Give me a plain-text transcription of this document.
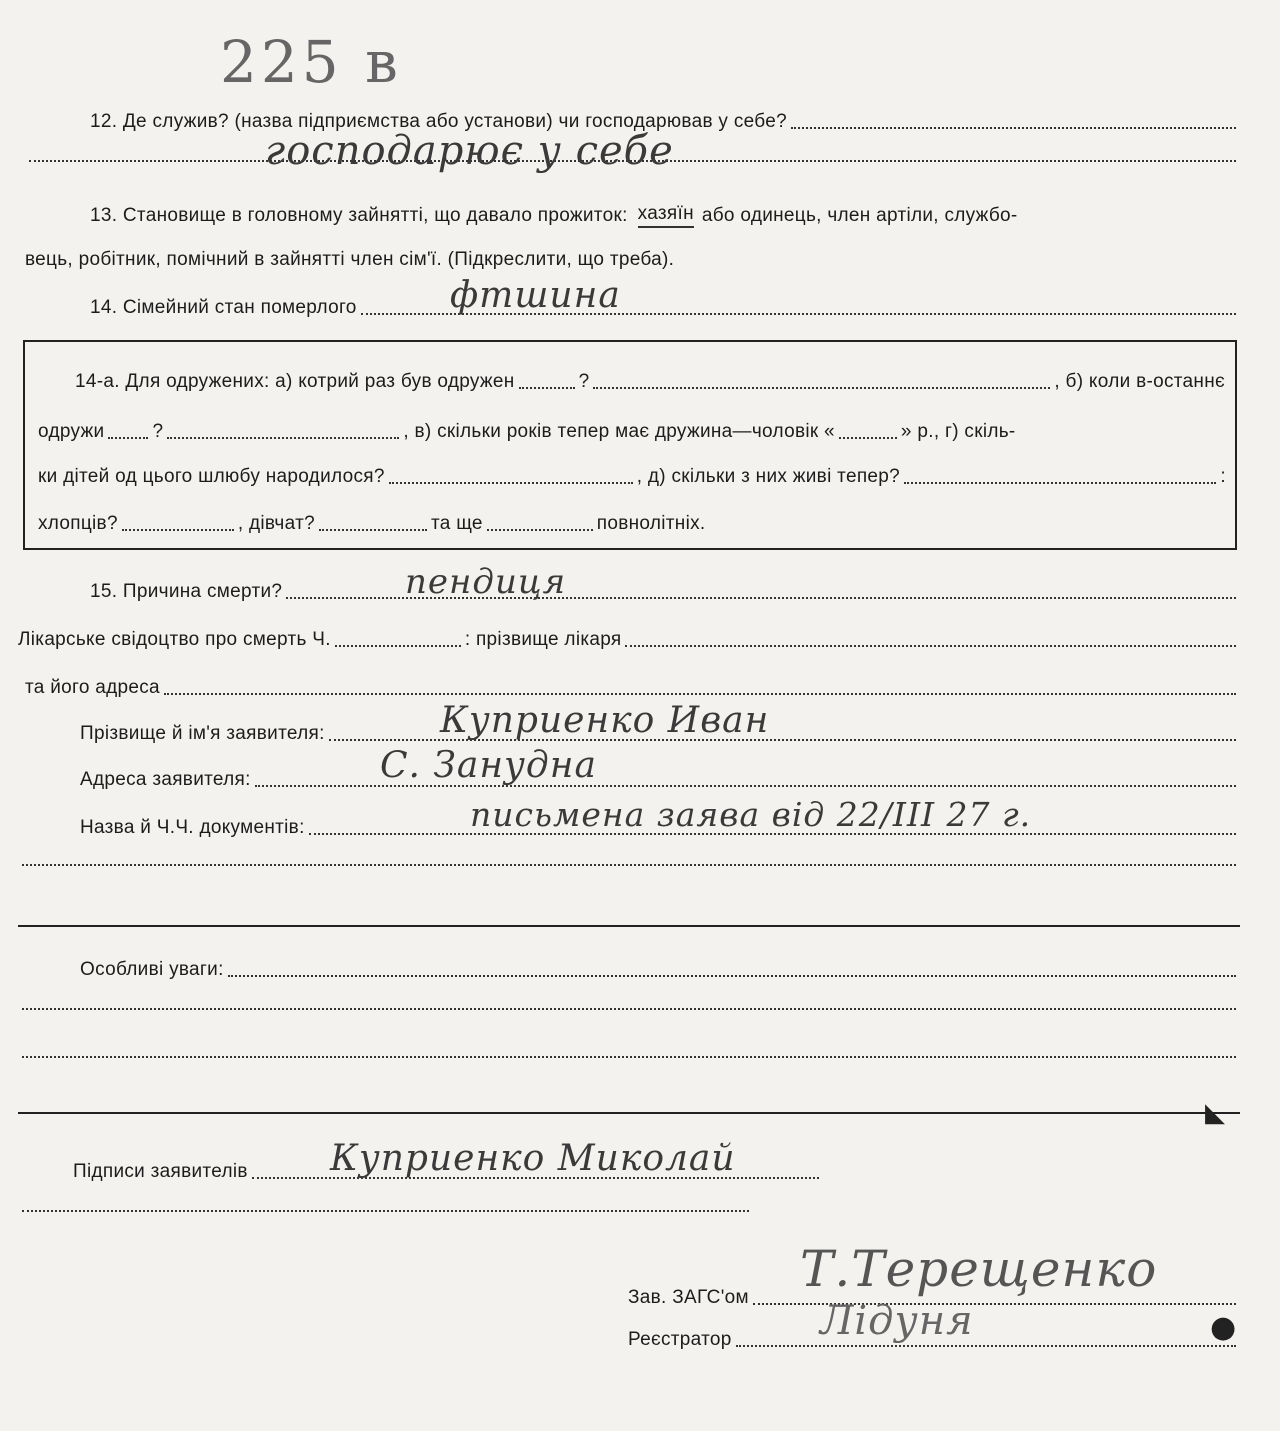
225 в
12. Де служив? (назва підприємства або установи) чи господарював у себе?
господарює у себе
13. Становище в головному зайнятті, що давало прожиток: хазяїн або одинець, член артіли, службо-
вець, робітник, помічний в зайнятті член сім'ї. (Підкреслити, що треба).
14. Сімейний стан померлого	фтшина
14-а. Для одружених: а) котрий раз був одружен	?	, б) коли в-останнє
одружи	?	, в) скільки років тепер має дружина—чоловік «	» р., г) скіль-
ки дітей од цього шлюбу народилося?	, д) скільки з них живі тепер?	:
хлопців?	, дівчат?	та ще	повнолітніх.
15. Причина смерти?	пендиця
Лікарське свідоцтво про смерть Ч.	: прізвище лікаря
та його адреса
Прізвище й ім'я заявителя:	Куприенко Иван
Адреса заявителя:	С. Занудна
Назва й Ч.Ч. документів:	письмена заява від 22/ІІІ 27 г.
Особливі уваги:
◣
Підписи заявителів Куприенко Миколай
Зав. ЗАГС'ом Т.Терещенко
●
Реєстратор Лідуня
